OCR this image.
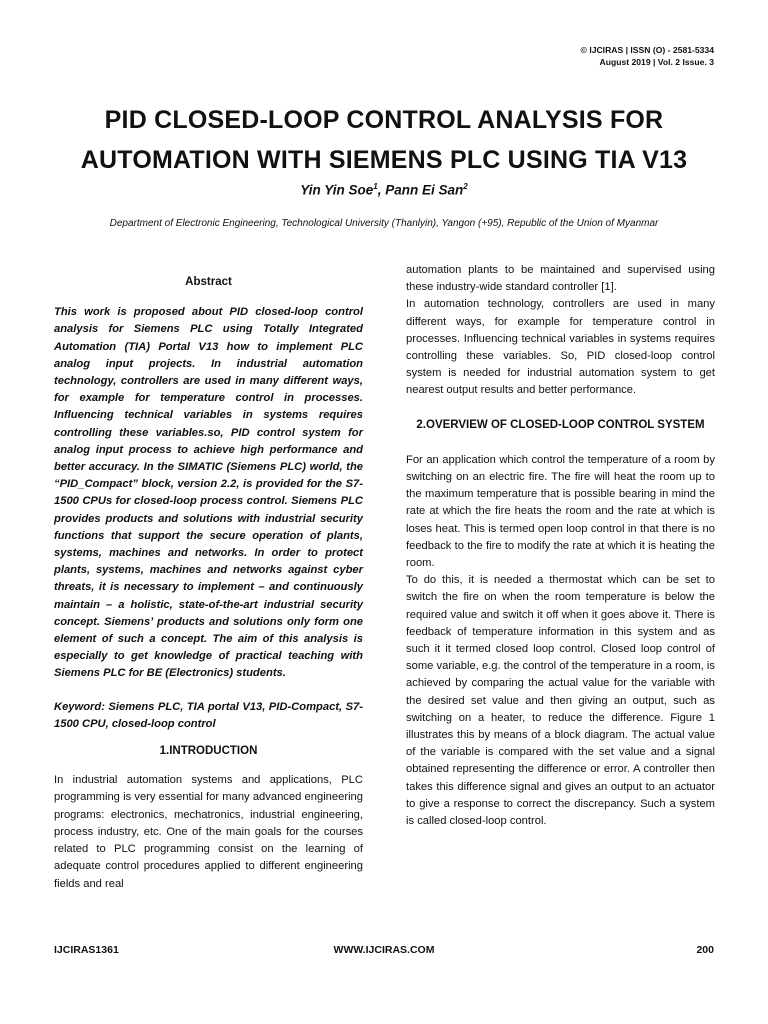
© IJCIRAS | ISSN (O) - 2581-5334
August 2019 | Vol. 2 Issue. 3
PID CLOSED-LOOP CONTROL ANALYSIS FOR
AUTOMATION WITH SIEMENS PLC USING TIA V13
Yin Yin Soe$^1$, Pann Ei San$^2$
Department of Electronic Engineering, Technological University (Thanlyin), Yangon (+95), Republic of the Union of Myanmar
Abstract

This work is proposed about PID closed-loop control analysis for Siemens PLC using Totally Integrated Automation (TIA) Portal V13 how to implement PLC analog input projects. In industrial automation technology, controllers are used in many different ways, for example for temperature control in processes. Influencing technical variables in systems requires controlling these variables.so, PID control system for analog input process to achieve high performance and better accuracy. In the SIMATIC (Siemens PLC) world, the “PID_Compact” block, version 2.2, is provided for the S7-1500 CPUs for closed-loop process control. Siemens PLC provides products and solutions with industrial security functions that support the secure operation of plants, systems, machines and networks. In order to protect plants, systems, machines and networks against cyber threats, it is necessary to implement – and continuously maintain – a holistic, state-of-the-art industrial security concept. Siemens’ products and solutions only form one element of such a concept. The aim of this analysis is especially to get knowledge of practical teaching with Siemens PLC for BE (Electronics) students.

Keyword: Siemens PLC, TIA portal V13, PID-Compact, S7-1500 CPU, closed-loop control

1.INTRODUCTION

In industrial automation systems and applications, PLC programming is very essential for many advanced engineering programs: electronics, mechatronics, industrial engineering, process industry, etc. One of the main goals for the courses related to PLC programming consist on the learning of adequate control procedures applied to different engineering fields and real

automation plants to be maintained and supervised using these industry-wide standard controller [1].

In automation technology, controllers are used in many different ways, for example for temperature control in processes. Influencing technical variables in systems requires controlling these variables. So, PID closed-loop control system is needed for industrial automation system to get nearest output results and better performance.

2.OVERVIEW OF CLOSED-LOOP CONTROL SYSTEM

For an application which control the temperature of a room by switching on an electric fire. The fire will heat the room up to the maximum temperature that is possible bearing in mind the rate at which the fire heats the room and the rate at which is loses heat. This is termed open loop control in that there is no feedback to the fire to modify the rate at which it is heating the room.

To do this, it is needed a thermostat which can be set to switch the fire on when the room temperature is below the required value and switch it off when it goes above it. There is feedback of temperature information in this system and as such it it termed closed loop control. Closed loop control of some variable, e.g. the control of the temperature in a room, is achieved by comparing the actual value for the variable with the desired set value and then giving an output, such as switching on a heater, to reduce the difference. Figure 1 illustrates this by means of a block diagram. The actual value of the variable is compared with the set value and a signal obtained representing the difference or error. A controller then takes this difference signal and gives an output to an actuator to give a response to correct the discrepancy. Such a system is called closed-loop control.

IJCIRAS1361	WWW.IJCIRAS.COM	200
